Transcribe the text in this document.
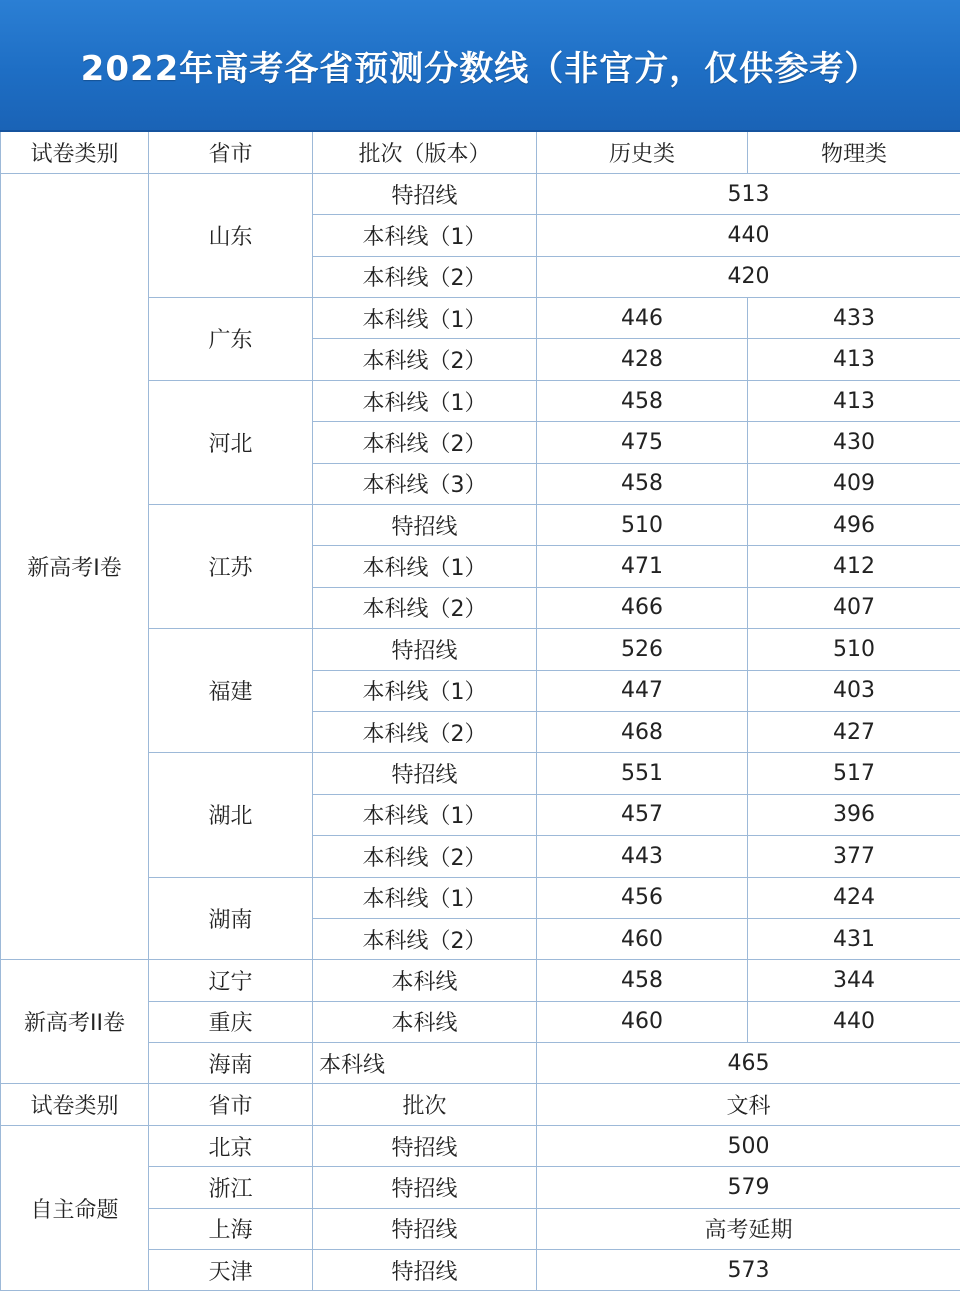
2022年高考各省预测分数线（非官方，仅供参考）
试卷类别	省市	批次（版本）	历史类	物理类
新高考I卷	山东	特招线	513	
		本科线（1）	440	
		本科线（2）	420	
	广东	本科线（1）	446	433
		本科线（2）	428	413
	河北	本科线（1）	458	413
		本科线（2）	475	430
		本科线（3）	458	409
	江苏	特招线	510	496
		本科线（1）	471	412
		本科线（2）	466	407
	福建	特招线	526	510
		本科线（1）	447	403
		本科线（2）	468	427
	湖北	特招线	551	517
		本科线（1）	457	396
		本科线（2）	443	377
	湖南	本科线（1）	456	424
		本科线（2）	460	431
新高考II卷	辽宁	本科线	458	344
	重庆	本科线	460	440
	海南	本科线	465	
试卷类别	省市	批次	文科	
自主命题	北京	特招线	500	
	浙江	特招线	579	
	上海	特招线	高考延期	
	天津	特招线	573	
